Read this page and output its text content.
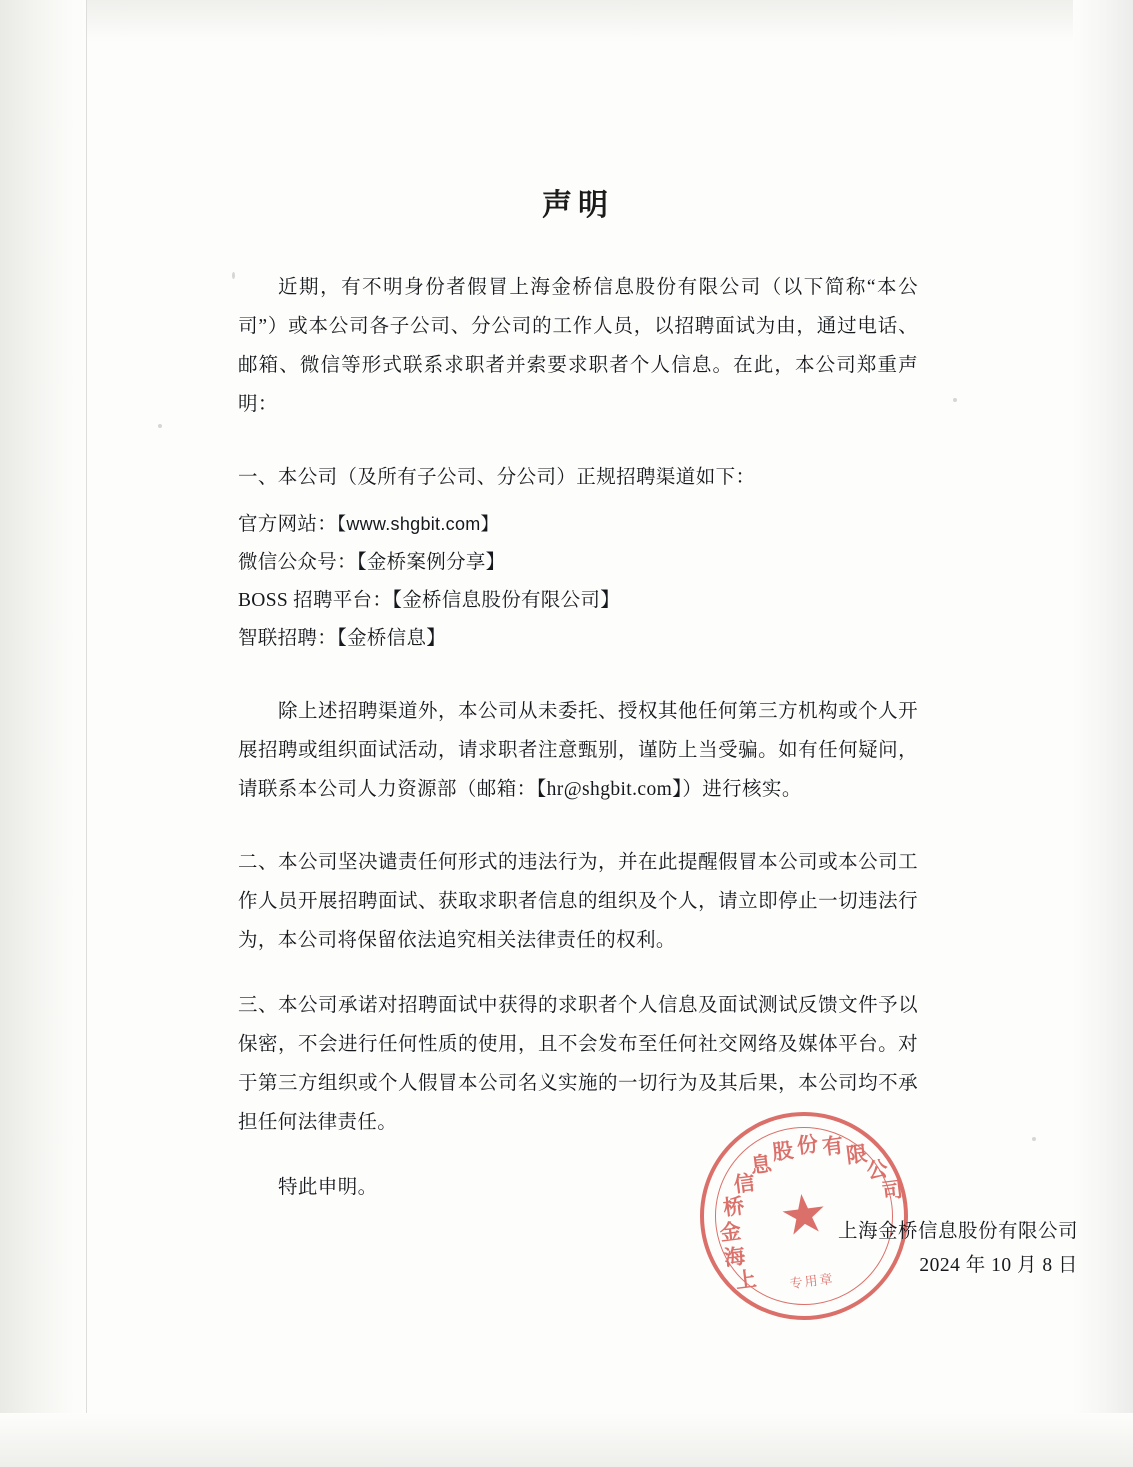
声明

近期，有不明身份者假冒上海金桥信息股份有限公司（以下简称“本公司”）或本公司各子公司、分公司的工作人员，以招聘面试为由，通过电话、邮箱、微信等形式联系求职者并索要求职者个人信息。在此，本公司郑重声明：

一、本公司（及所有子公司、分公司）正规招聘渠道如下：

官方网站：【www.shgbit.com】

微信公众号：【金桥案例分享】

BOSS 招聘平台：【金桥信息股份有限公司】

智联招聘：【金桥信息】

除上述招聘渠道外，本公司从未委托、授权其他任何第三方机构或个人开展招聘或组织面试活动，请求职者注意甄别，谨防上当受骗。如有任何疑问，请联系本公司人力资源部（邮箱：【hr@shgbit.com】）进行核实。

二、本公司坚决谴责任何形式的违法行为，并在此提醒假冒本公司或本公司工作人员开展招聘面试、获取求职者信息的组织及个人，请立即停止一切违法行为，本公司将保留依法追究相关法律责任的权利。

三、本公司承诺对招聘面试中获得的求职者个人信息及面试测试反馈文件予以保密，不会进行任何性质的使用，且不会发布至任何社交网络及媒体平台。对于第三方组织或个人假冒本公司名义实施的一切行为及其后果，本公司均不承担任何法律责任。

特此申明。

上
海
金
桥
信
息
股 份 有 限
公
司
★
专用章
上海金桥信息股份有限公司
2024 年 10 月 8 日
